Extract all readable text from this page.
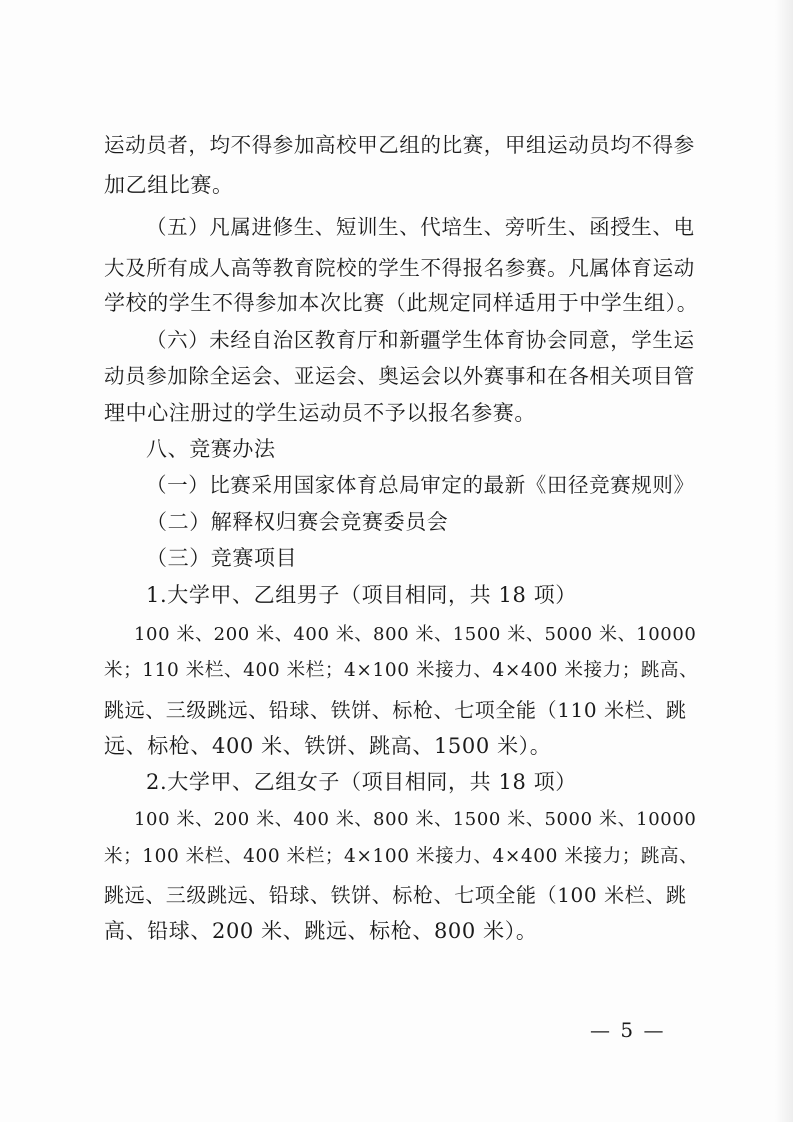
运动员者，均不得参加高校甲乙组的比赛，甲组运动员均不得参
加乙组比赛。
（五）凡属进修生、短训生、代培生、旁听生、函授生、电
大及所有成人高等教育院校的学生不得报名参赛。凡属体育运动
学校的学生不得参加本次比赛（此规定同样适用于中学生组）。
（六）未经自治区教育厅和新疆学生体育协会同意，学生运
动员参加除全运会、亚运会、奥运会以外赛事和在各相关项目管
理中心注册过的学生运动员不予以报名参赛。
八、竞赛办法
（一）比赛采用国家体育总局审定的最新《田径竞赛规则》
（二）解释权归赛会竞赛委员会
（三）竞赛项目
1.大学甲、乙组男子（项目相同，共 18 项）
100 米、200 米、400 米、800 米、1500 米、5000 米、10000
米；110 米栏、400 米栏；4×100 米接力、4×400 米接力；跳高、
跳远、三级跳远、铅球、铁饼、标枪、七项全能（110 米栏、跳
远、标枪、400 米、铁饼、跳高、1500 米）。
2.大学甲、乙组女子（项目相同，共 18 项）
100 米、200 米、400 米、800 米、1500 米、5000 米、10000
米；100 米栏、400 米栏；4×100 米接力、4×400 米接力；跳高、
跳远、三级跳远、铅球、铁饼、标枪、七项全能（100 米栏、跳
高、铅球、200 米、跳远、标枪、800 米）。
— 5 —
